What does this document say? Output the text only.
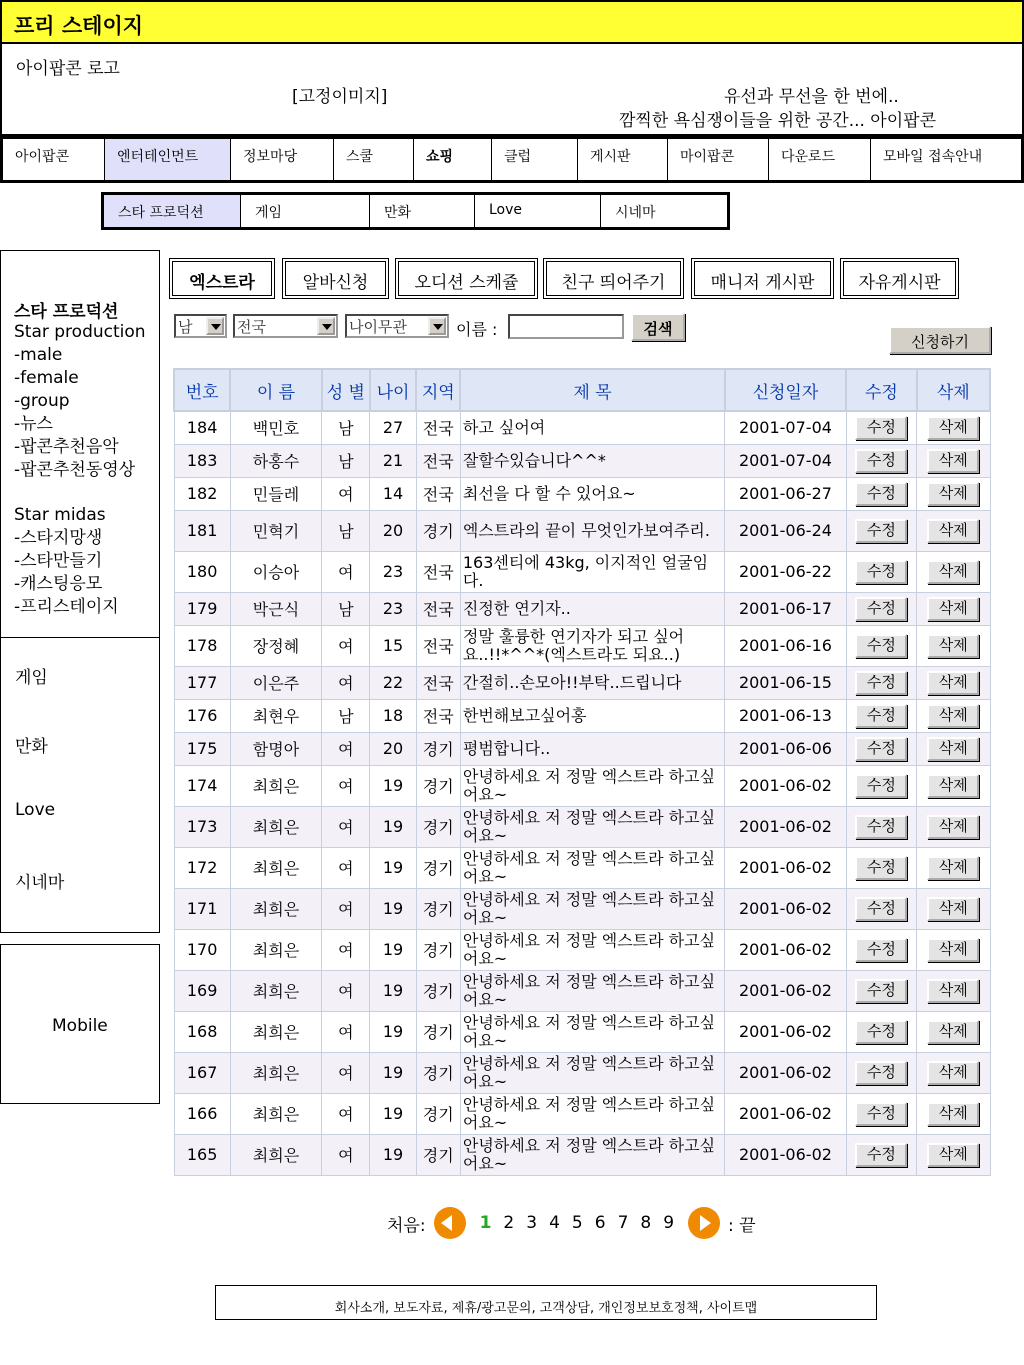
프리 스테이지
아이팝콘 로고
[고정이미지]	유선과 무선을 한 번에..
깜찍한 욕심쟁이들을 위한 공간... 아이팝콘
아이팝콘	엔터테인먼트	정보마당	스쿨	쇼핑	클럽	게시판	마이팝콘	다운로드	모바일 접속안내
스타 프로덕션	게임	만화	Love	시네마
스타 프로덕션
Star production
-male
-female
-group
-뉴스
-팝콘추천음악
-팝콘추천동영상
Star midas
-스타지망생
-스타만들기
-캐스팅응모
-프리스테이지
게임
만화
Love
시네마
Mobile
엑스트라	알바신청	오디션 스케쥴	친구 띄어주기	매니저 게시판	자유게시판
남	전국	나이무관	이름 :	검색
신청하기
번호	이 름	성 별	나이	지역	제 목	신청일자	수정	삭제
184	백민호	남	27	전국	하고 싶어여	2001-07-04	수정	삭제
183	하홍수	남	21	전국	잘할수있습니다^^*	2001-07-04	수정	삭제
182	민들레	여	14	전국	최선을 다 할 수 있어요~	2001-06-27	수정	삭제
181	민혁기	남	20	경기	엑스트라의 끝이 무엇인가보여주리.	2001-06-24	수정	삭제
180	이승아	여	23	전국	163센티에 43kg, 이지적인 얼굴임다.	2001-06-22	수정	삭제
179	박근식	남	23	전국	진정한 연기자..	2001-06-17	수정	삭제
178	장정혜	여	15	전국	정말 훌륭한 연기자가 되고 싶어요..!!*^^*(엑스트라도 되요..)	2001-06-16	수정	삭제
177	이은주	여	22	전국	간절히..손모아!!부탁..드립니다	2001-06-15	수정	삭제
176	최현우	남	18	전국	한번해보고싶어홍	2001-06-13	수정	삭제
175	함명아	여	20	경기	평범합니다..	2001-06-06	수정	삭제
174	최희은	여	19	경기	안녕하세요 저 정말 엑스트라 하고싶어요~	2001-06-02	수정	삭제
173	최희은	여	19	경기	안녕하세요 저 정말 엑스트라 하고싶어요~	2001-06-02	수정	삭제
172	최희은	여	19	경기	안녕하세요 저 정말 엑스트라 하고싶어요~	2001-06-02	수정	삭제
171	최희은	여	19	경기	안녕하세요 저 정말 엑스트라 하고싶어요~	2001-06-02	수정	삭제
170	최희은	여	19	경기	안녕하세요 저 정말 엑스트라 하고싶어요~	2001-06-02	수정	삭제
169	최희은	여	19	경기	안녕하세요 저 정말 엑스트라 하고싶어요~	2001-06-02	수정	삭제
168	최희은	여	19	경기	안녕하세요 저 정말 엑스트라 하고싶어요~	2001-06-02	수정	삭제
167	최희은	여	19	경기	안녕하세요 저 정말 엑스트라 하고싶어요~	2001-06-02	수정	삭제
166	최희은	여	19	경기	안녕하세요 저 정말 엑스트라 하고싶어요~	2001-06-02	수정	삭제
165	최희은	여	19	경기	안녕하세요 저 정말 엑스트라 하고싶어요~	2001-06-02	수정	삭제
처음:	1 2 3 4 5 6 7 8 9	: 끝
회사소개, 보도자료, 제휴/광고문의, 고객상담, 개인정보보호정책, 사이트맵
